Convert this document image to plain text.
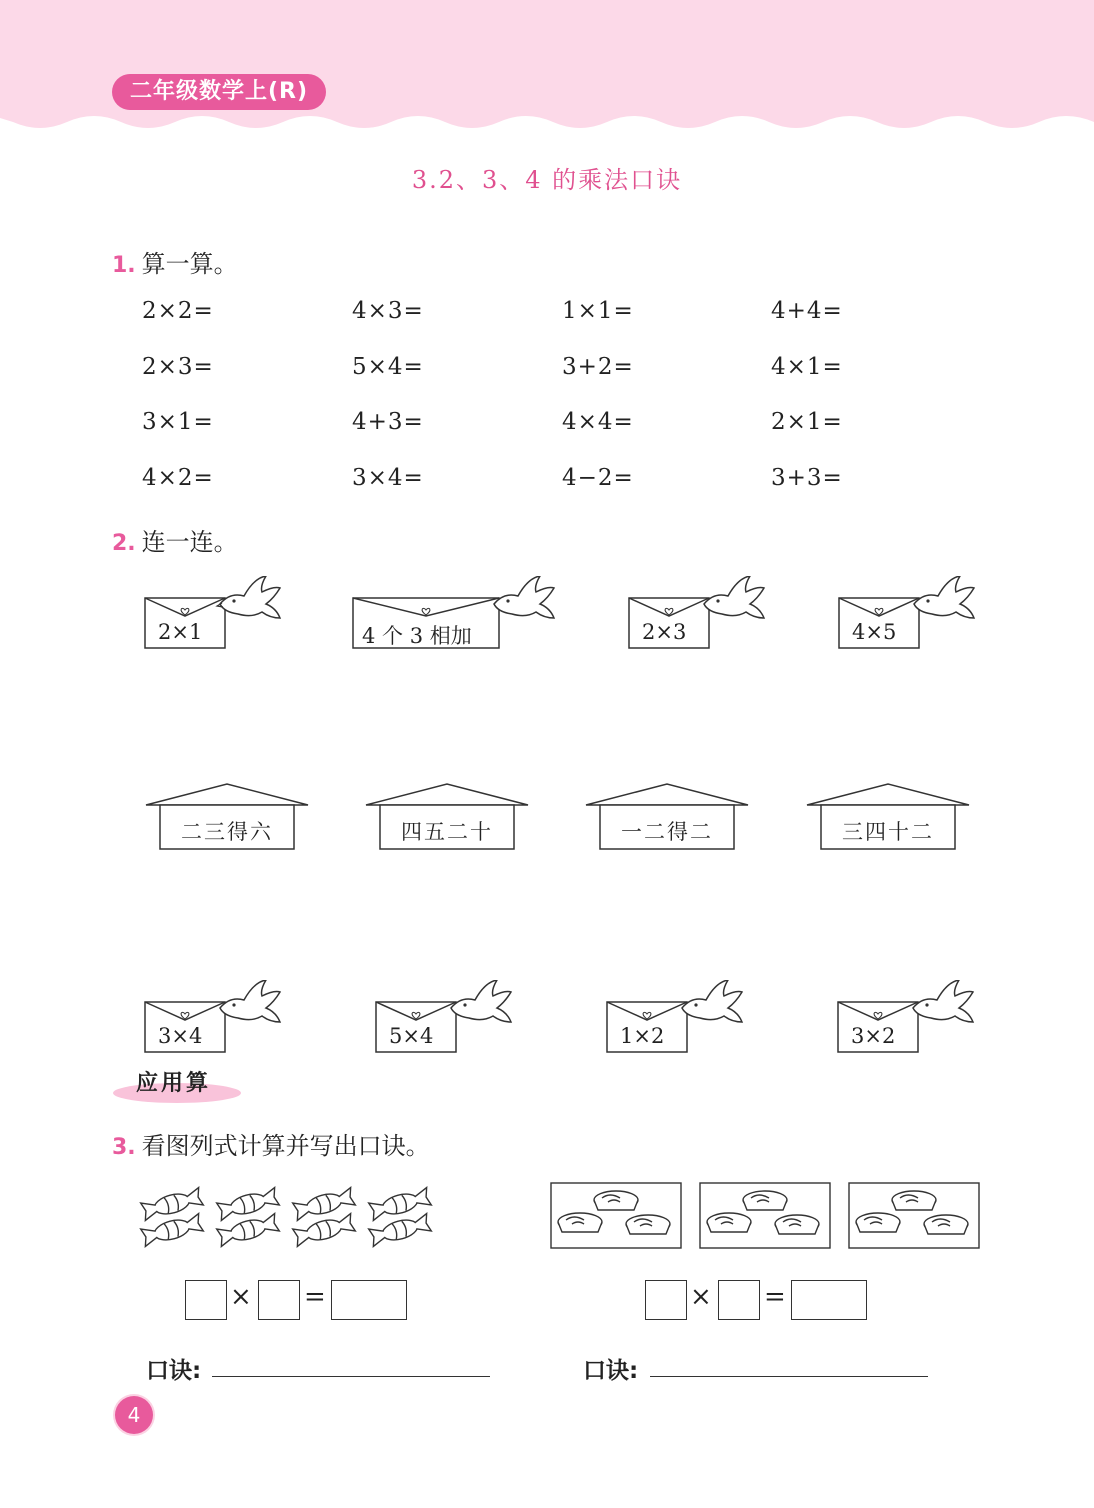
二年级数学上(R)
3.2、3、4 的乘法口诀
1. 算一算。
2×2=	4×3=	1×1=	4+4=
2×3=	5×4=	3+2=	4×1=
3×1=	4+3=	4×4=	2×1=
4×2=	3×4=	4−2=	3+3=
2. 连一连。
2×1	4 个 3 相加	2×3	4×5
二三得六	四五二十	一二得二	三四十二
3×4	5×4	1×2	3×2
应用算
3. 看图列式计算并写出口诀。
× =	× =
口诀:	口诀:
4
